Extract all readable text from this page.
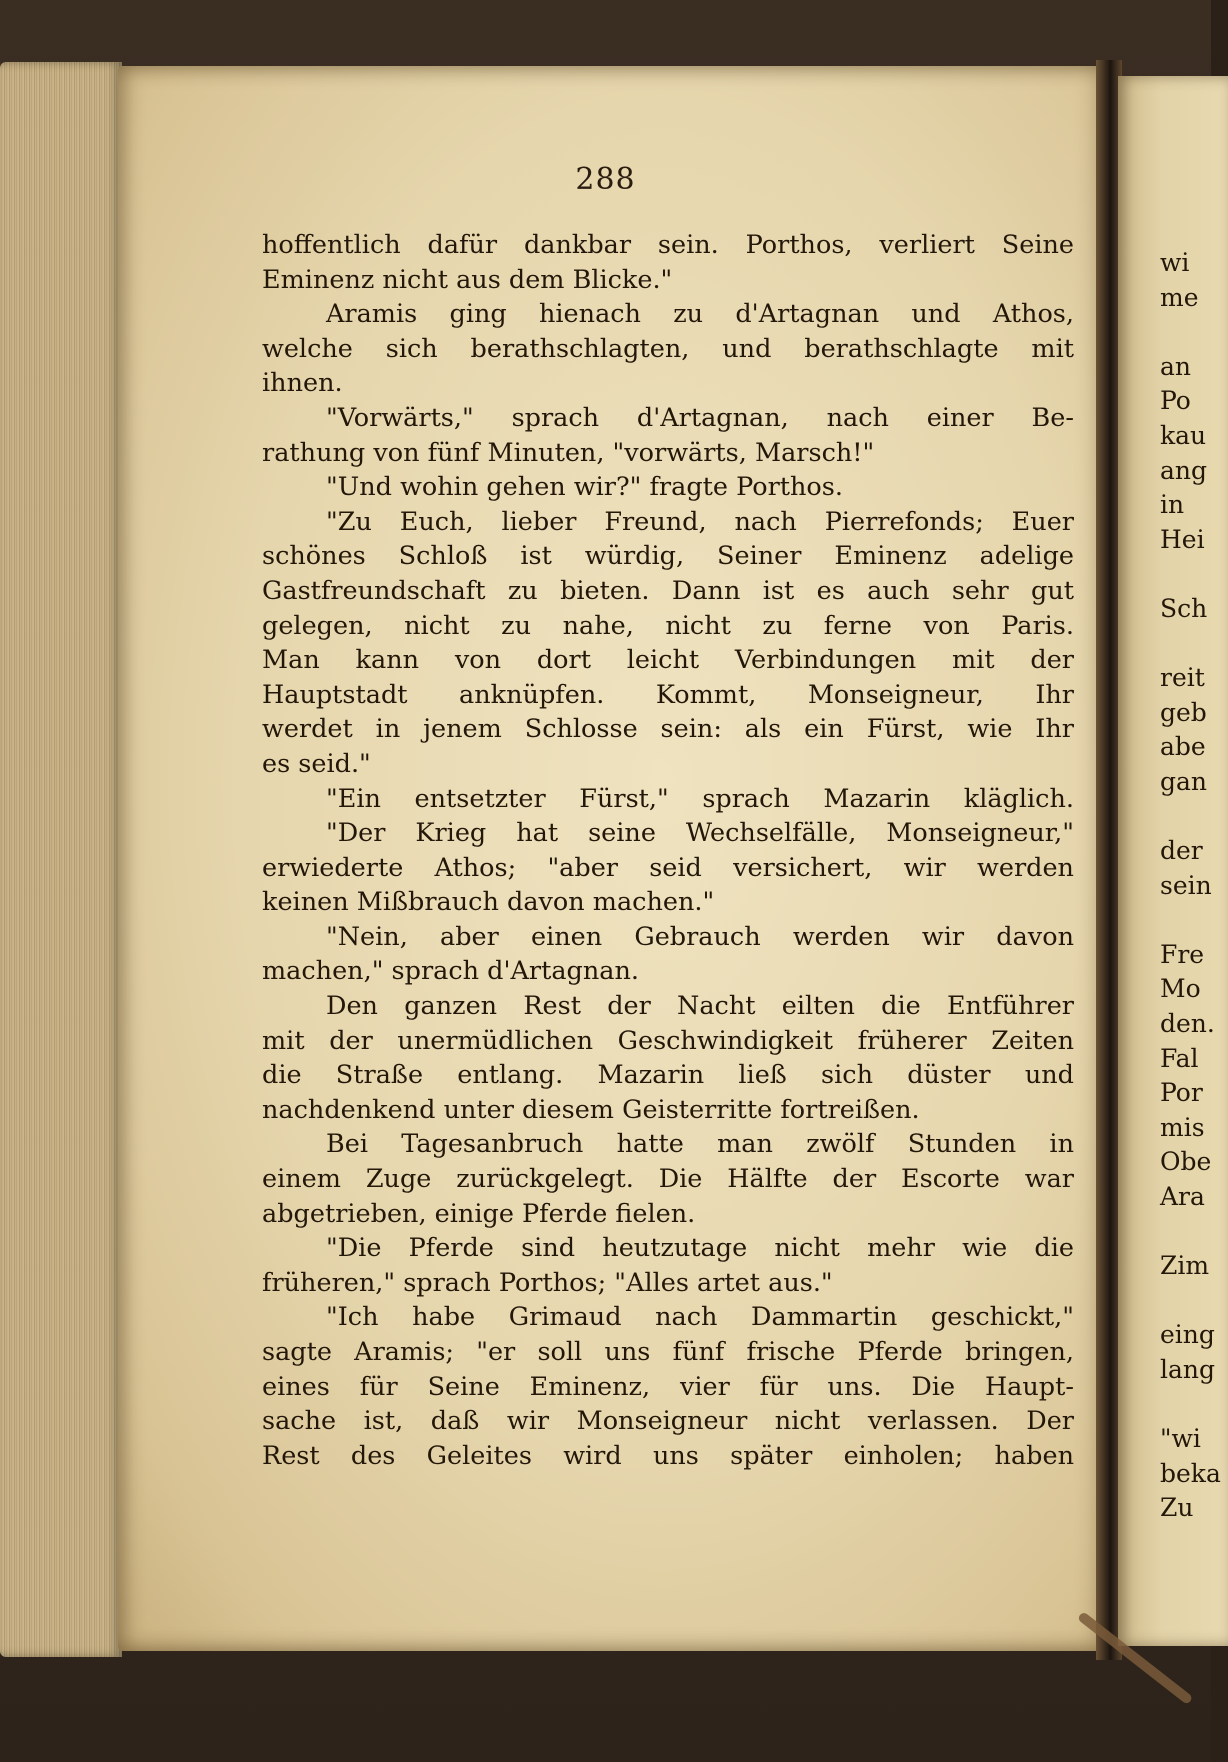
288
hoffentlich dafür dankbar sein. Porthos, verliert Seine
Eminenz nicht aus dem Blicke."
Aramis ging hienach zu d'Artagnan und Athos,
welche sich berathschlagten, und berathschlagte mit
ihnen.
"Vorwärts," sprach d'Artagnan, nach einer Be-
rathung von fünf Minuten, "vorwärts, Marsch!"
"Und wohin gehen wir?" fragte Porthos.
"Zu Euch, lieber Freund, nach Pierrefonds; Euer
schönes Schloß ist würdig, Seiner Eminenz adelige
Gastfreundschaft zu bieten. Dann ist es auch sehr gut
gelegen, nicht zu nahe, nicht zu ferne von Paris.
Man kann von dort leicht Verbindungen mit der
Hauptstadt anknüpfen. Kommt, Monseigneur, Ihr
werdet in jenem Schlosse sein: als ein Fürst, wie Ihr
es seid."
"Ein entsetzter Fürst," sprach Mazarin kläglich.
"Der Krieg hat seine Wechselfälle, Monseigneur,"
erwiederte Athos; "aber seid versichert, wir werden
keinen Mißbrauch davon machen."
"Nein, aber einen Gebrauch werden wir davon
machen," sprach d'Artagnan.
Den ganzen Rest der Nacht eilten die Entführer
mit der unermüdlichen Geschwindigkeit früherer Zeiten
die Straße entlang. Mazarin ließ sich düster und
nachdenkend unter diesem Geisterritte fortreißen.
Bei Tagesanbruch hatte man zwölf Stunden in
einem Zuge zurückgelegt. Die Hälfte der Escorte war
abgetrieben, einige Pferde fielen.
"Die Pferde sind heutzutage nicht mehr wie die
früheren," sprach Porthos; "Alles artet aus."
"Ich habe Grimaud nach Dammartin geschickt,"
sagte Aramis; "er soll uns fünf frische Pferde bringen,
eines für Seine Eminenz, vier für uns. Die Haupt-
sache ist, daß wir Monseigneur nicht verlassen. Der
Rest des Geleites wird uns später einholen; haben
wi
me
an
Po
kau
ang
in
Hei
Sch
reit
geb
abe
gan
der
sein
Fre
Mo
den.
Fal
Por
mis
Obe
Ara
Zim
eing
lang
"wi
beka
Zu
